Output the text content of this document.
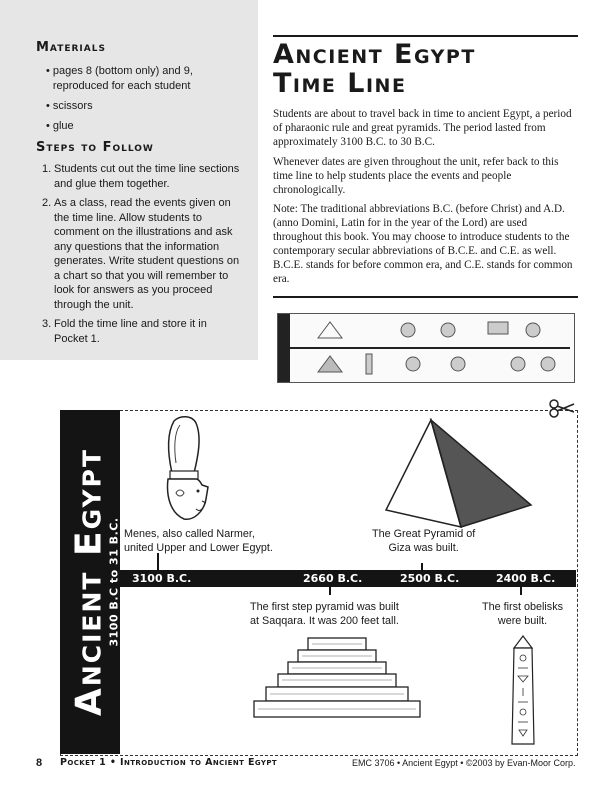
Materials
• pages 8 (bottom only) and 9, reproduced for each student
• scissors
• glue
Steps to Follow
1. Students cut out the time line sections and glue them together.
2. As a class, read the events given on the time line. Allow students to comment on the illustrations and ask any questions that the information generates. Write student questions on a chart so that you will remember to look for answers as you proceed through the unit.
3. Fold the time line and store it in Pocket 1.
Ancient Egypt
Time Line

Students are about to travel back in time to ancient Egypt, a period of pharaonic rule and great pyramids. The period lasted from approximately 3100 B.C. to 30 B.C.

Whenever dates are given throughout the unit, refer back to this time line to help students place the events and people chronologically.

Note: The traditional abbreviations B.C. (before Christ) and A.D. (anno Domini, Latin for in the year of the Lord) are used throughout this book. You may choose to introduce students to the contemporary secular abbreviations of B.C.E. and C.E. as well. B.C.E. stands for before common era, and C.E. stands for common era.

Ancient Egypt
3100 B.C to 31 B.C. Menes, also called Narmer,
united Upper and Lower Egypt.
The Great Pyramid of
Giza was built.
3100 B.C.	2660 B.C.	2500 B.C.	2400 B.C.
The first step pyramid was built
at Saqqara. It was 200 feet tall.
The first obelisks
were built.
8 Pocket 1 • Introduction to Ancient Egypt	EMC 3706 • Ancient Egypt • ©2003 by Evan-Moor Corp.
